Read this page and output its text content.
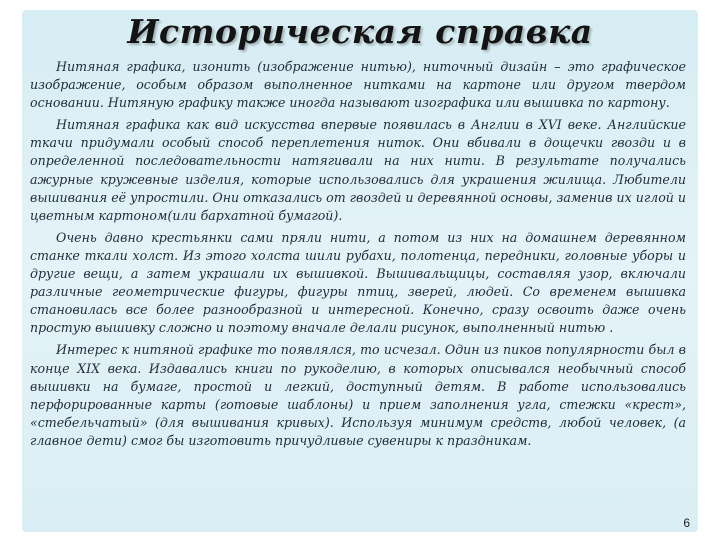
Историческая справка

Нитяная графика, изонить (изображение нитью), ниточный дизайн – это графическое изображение, особым образом выполненное нитками на картоне или другом твердом основании. Нитяную графику также иногда называют изографика или вышивка по картону.

Нитяная графика как вид искусства впервые появилась в Англии в XVI веке. Английские ткачи придумали особый способ переплетения ниток. Они вбивали в дощечки гвозди и в определенной последовательности натягивали на них нити. В результате получались ажурные кружевные изделия, которые использовались для украшения жилища. Любители вышивания её упростили. Они отказались от гвоздей и деревянной основы, заменив их иглой и цветным картоном(или бархатной бумагой).

Очень давно крестьянки сами пряли нити, а потом из них на домашнем деревянном станке ткали холст. Из этого холста шили рубахи, полотенца, передники, головные уборы и другие вещи, а затем украшали их вышивкой. Вышивальщицы, составляя узор, включали различные геометрические фигуры, фигуры птиц, зверей, людей. Со временем вышивка становилась все более разнообразной и интересной. Конечно, сразу освоить даже очень простую вышивку сложно и поэтому вначале делали рисунок, выполненный нитью .

Интерес к нитяной графике то появлялся, то исчезал. Один из пиков популярности был в конце XIX века. Издавались книги по рукоделию, в которых описывался необычный способ вышивки на бумаге, простой и легкий, доступный детям. В работе использовались перфорированные карты (готовые шаблоны) и прием заполнения угла, стежки «крест», «стебельчатый» (для вышивания кривых). Используя минимум средств, любой человек, (а главное дети) смог бы изготовить причудливые сувениры к праздникам.

6
